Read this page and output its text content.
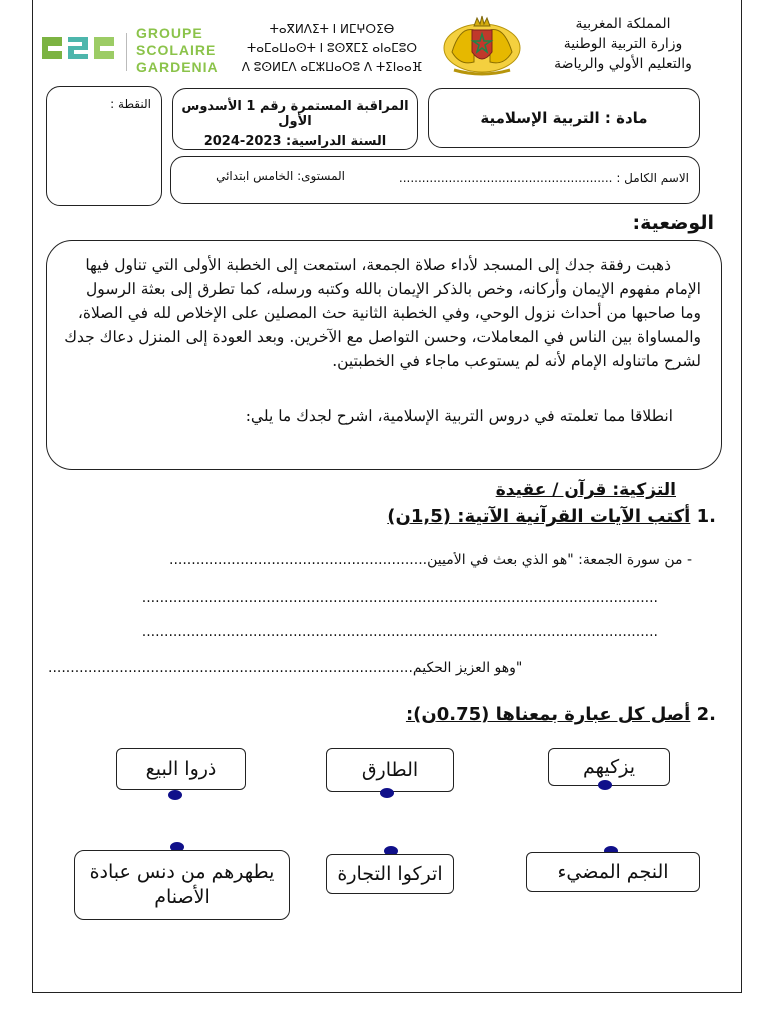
GROUPE
SCOLAIRE
GARDENIA
ⵜⴰⴳⵍⴷⵉⵜ ⵏ ⵍⵎⵖⵔⵉⴱ
ⵜⴰⵎⴰⵡⴰⵙⵜ ⵏ ⵓⵙⴳⵎⵉ ⴰⵏⴰⵎⵓⵔ
ⴷ ⵓⵙⵍⵎⴷ ⴰⵎⵣⵡⴰⵔⵓ ⴷ ⵜⵉⵏⴰⴰⴼ
المملكة المغربية
وزارة التربية الوطنية
والتعليم الأولي والرياضة
النقطة :	المراقبة المستمرة رقم 1 الأسدوس الأول
السنة الدراسية: 2023-2024
مادة : التربية الإسلامية
الاسم الكامل : ........................................................
المستوى: الخامس ابتدائي
الوضعية:
ذهبت رفقة جدك إلى المسجد لأداء صلاة الجمعة، استمعت إلى الخطبة الأولى التي تناول فيها
الإمام مفهوم الإيمان وأركانه، وخص بالذكر الإيمان بالله وكتبه ورسله، كما تطرق إلى بعثة الرسول
وما صاحبها من أحداث نزول الوحي، وفي الخطبة الثانية حث المصلين على الإخلاص لله في الصلاة،
والمساواة بين الناس في المعاملات، وحسن التواصل مع الآخرين. وبعد العودة إلى المنزل دعاك جدك
لشرح ماتناوله الإمام لأنه لم يستوعب ماجاء في الخطبتين.
انطلاقا مما تعلمته في دروس التربية الإسلامية، اشرح لجدك ما يلي:
التزكية: قرآن / عقيدة
1. أكتب الآيات القرآنية الآتية: (1,5ن)
- من سورة الجمعة: "هو الذي بعث في الأميين..........................................................
....................................................................................................................
....................................................................................................................
"وهو العزيز الحكيم..................................................................................
2. أصل كل عبارة بمعناها (0.75ن):
يزكيهم
الطارق
ذروا البيع
النجم المضيء
اتركوا التجارة
يطهرهم من دنس عبادة الأصنام
